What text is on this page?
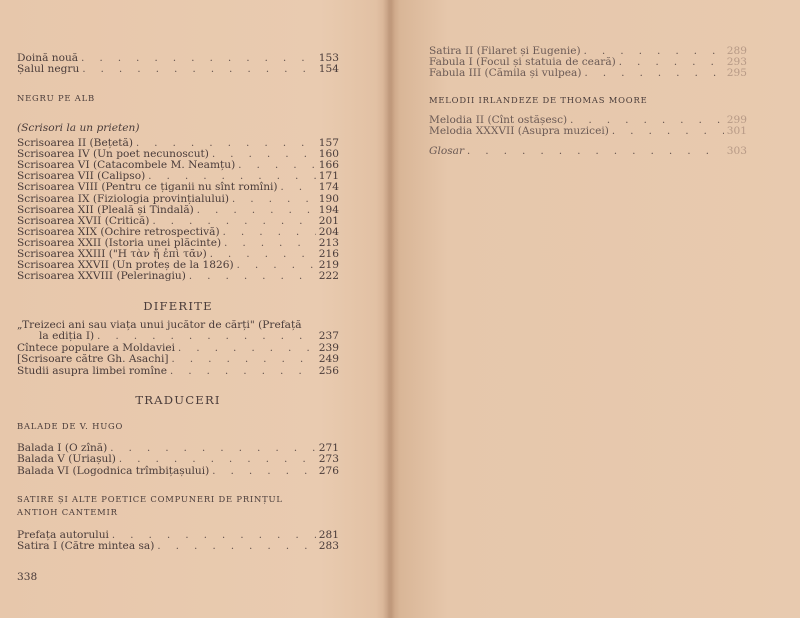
Doină nouă . . .	153
Șalul negru . . .	154
NEGRU PE ALB
(Scrisori la un prieten)
Scrisoarea II (Bețetă) . . .	157
Scrisoarea IV (Un poet necunoscut) . . .	160
Scrisoarea VI (Catacombele M. Neamțu) . . .	166
Scrisoarea VII (Calipso) . . .	171
Scrisoarea VIII (Pentru ce țiganii nu sînt romîni) . . .	174
Scrisoarea IX (Fiziologia provințialului) . . .	190
Scrisoarea XII (Pleală și Tindală) . . .	194
Scrisoarea XVII (Critică) . . .	201
Scrisoarea XIX (Ochire retrospectivă) . . .	204
Scrisoarea XXII (Istoria unei plăcinte) . . .	213
Scrisoarea XXIII ("Η τὰν ἤ ἐπὶ τᾶν) . . .	216
Scrisoarea XXVII (Un proteș de la 1826) . . .	219
Scrisoarea XXVIII (Pelerinagiu) . . .	222
DIFERITE
„Treizeci ani sau viața unui jucător de cărți" (Prefață
la ediția I) . . .	237
Cîntece populare a Moldaviei . . .	239
[Scrisoare către Gh. Asachi] . . .	249
Studii asupra limbei romîne . . .	256
TRADUCERI
BALADE DE V. HUGO
Balada I (O zînă) . . .	271
Balada V (Uriașul) . . .	273
Balada VI (Logodnica trîmbițașului) . . .	276
SATIRE ȘI ALTE POETICE COMPUNERI DE PRINȚUL
ANTIOH CANTEMIR
Prefața autorului . . .	281
Satira I (Către mintea sa) . . .	283
338
Satira II (Filaret și Eugenie) . . .	289
Fabula I (Focul și statuia de ceară) . . .	293
Fabula III (Cămila și vulpea) . . .	295
MELODII IRLANDEZE DE THOMAS MOORE
Melodia II (Cînt ostășesc) . . .	299
Melodia XXXVII (Asupra muzicei) . . .	301
Glosar . . .	303
